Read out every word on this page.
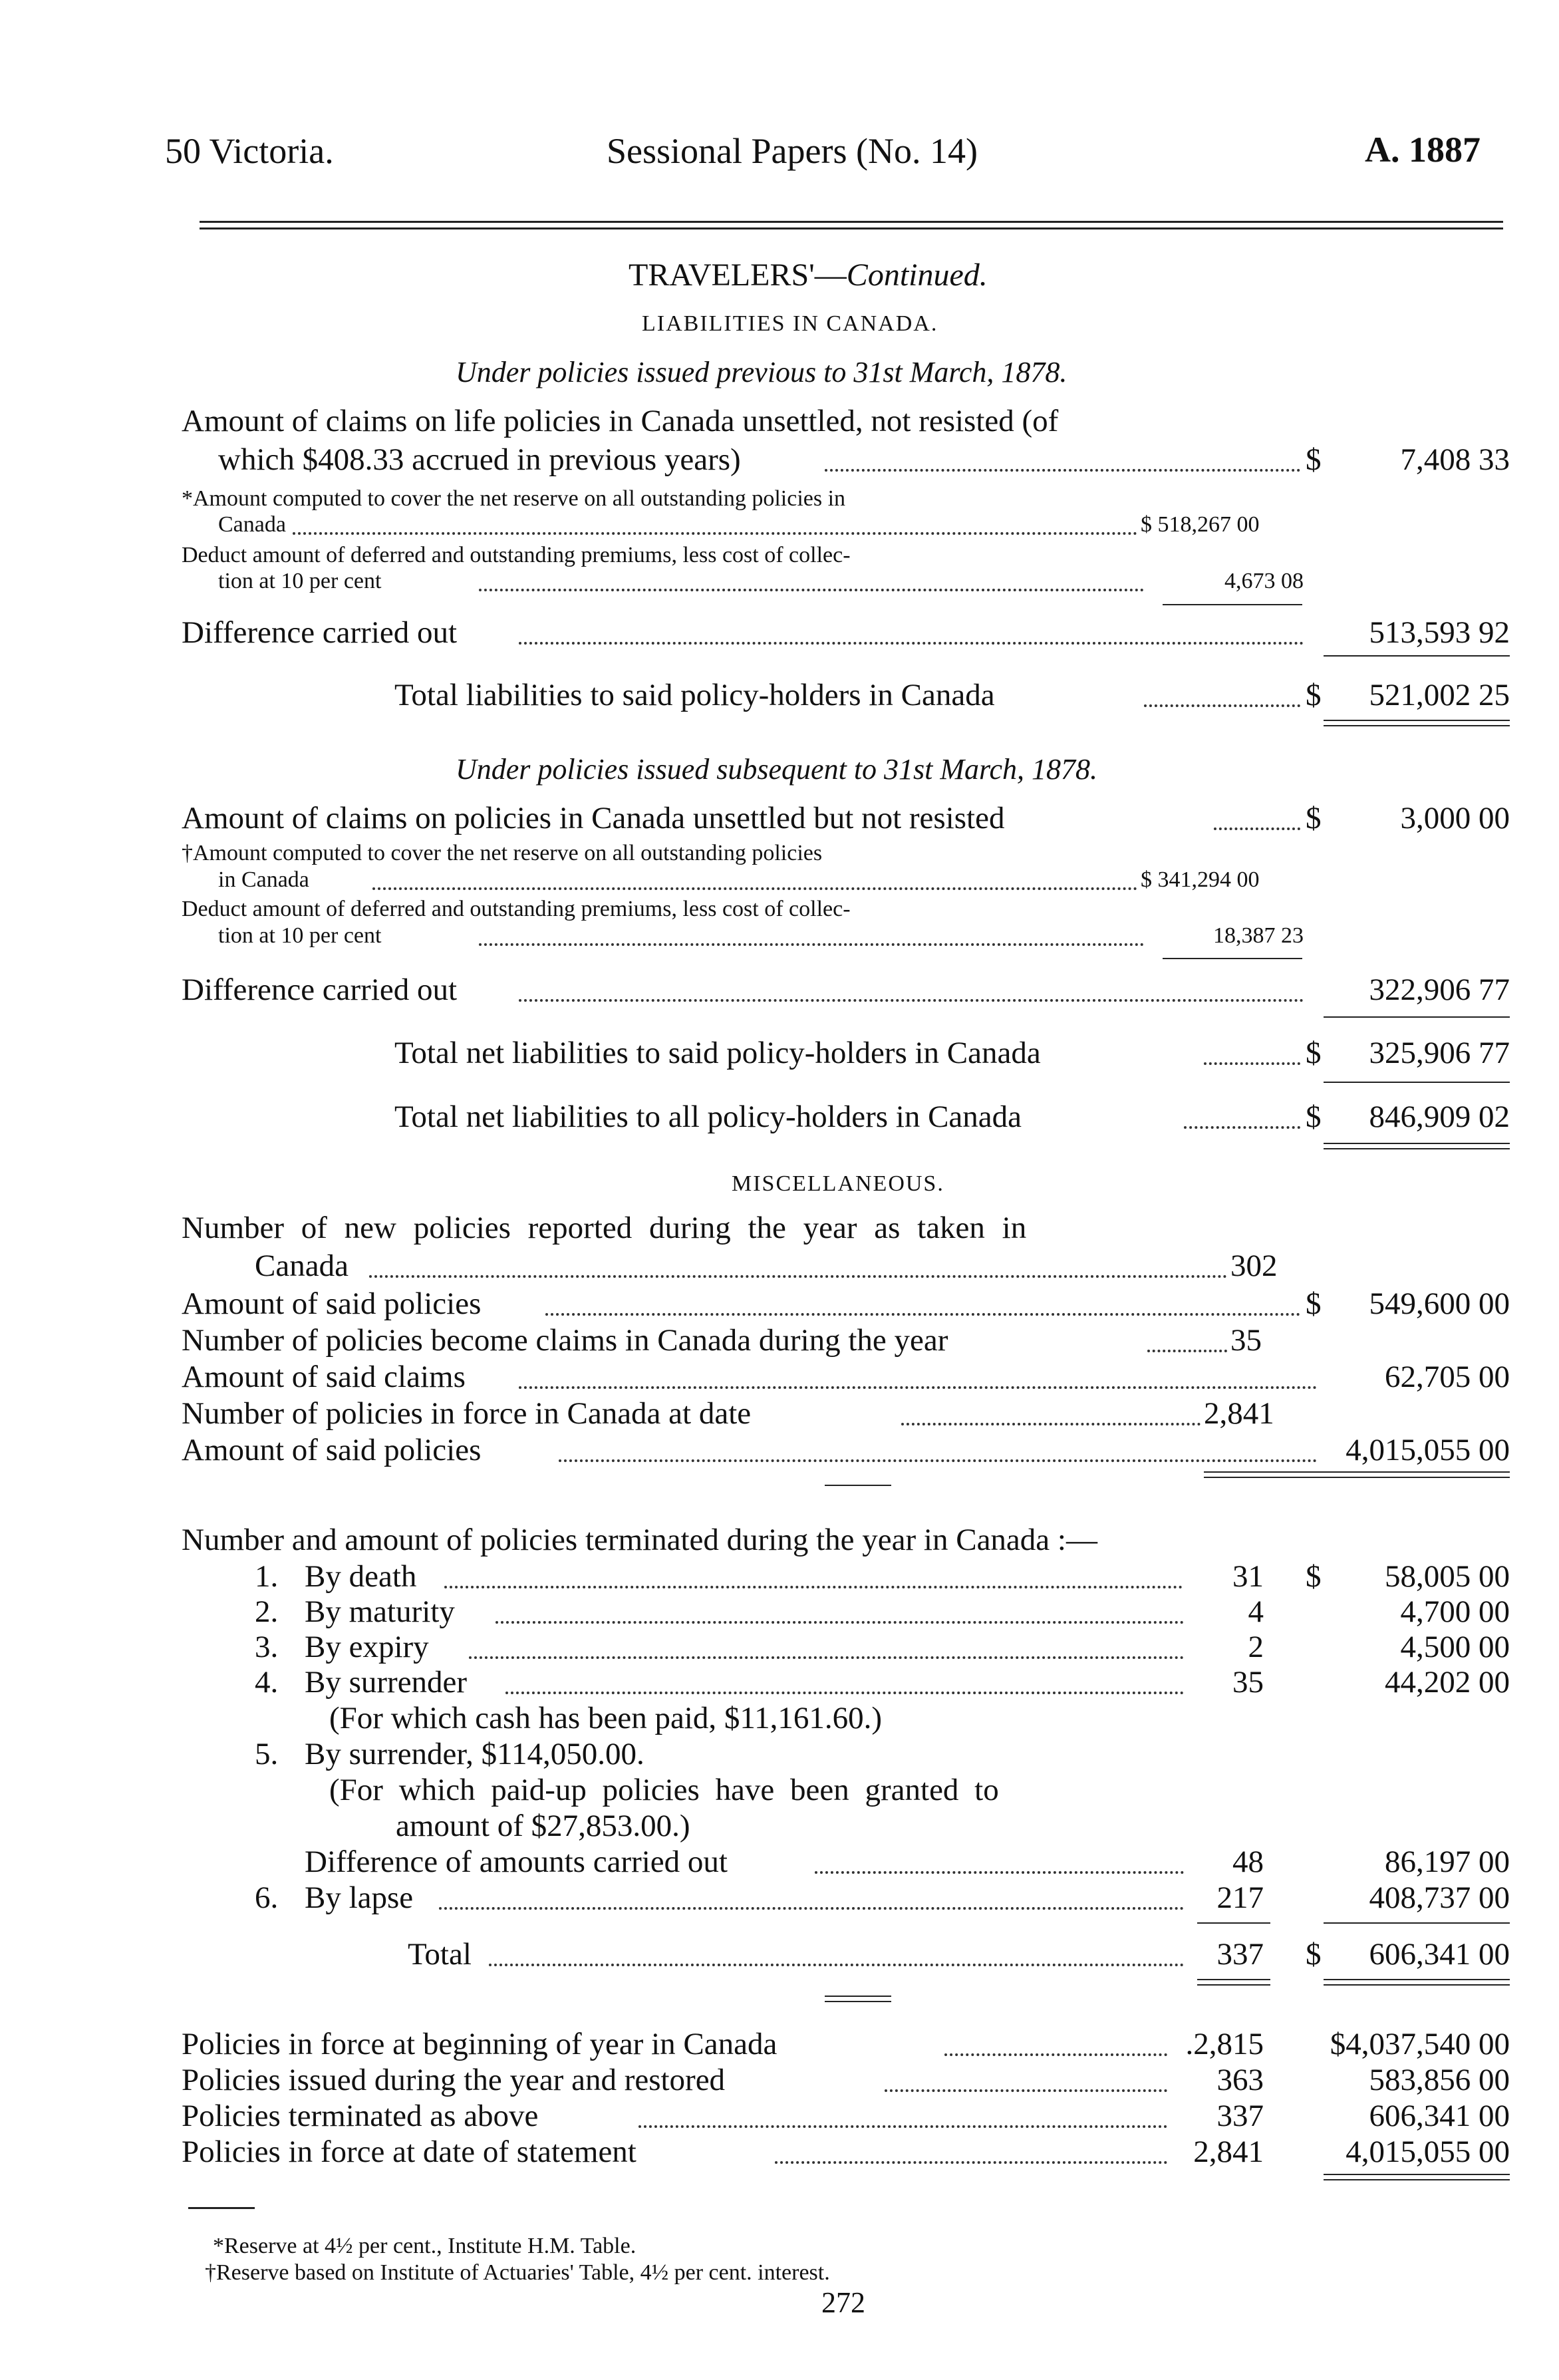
50 Victoria.	Sessional Papers (No. 14)	A. 1887
TRAVELERS'—Continued.
LIABILITIES IN CANADA.
Under policies issued previous to 31st March, 1878.
Amount of claims on life policies in Canada unsettled, not resisted (of
which $408.33 accrued in previous years)	$	7,408 33
*Amount computed to cover the net reserve on all outstanding policies in
Canada	$ 518,267 00
Deduct amount of deferred and outstanding premiums, less cost of collec-
tion at 10 per cent	4,673 08
Difference carried out	513,593 92
Total liabilities to said policy-holders in Canada	$	521,002 25
Under policies issued subsequent to 31st March, 1878.
Amount of claims on policies in Canada unsettled but not resisted	$	3,000 00
†Amount computed to cover the net reserve on all outstanding policies
in Canada	$ 341,294 00
Deduct amount of deferred and outstanding premiums, less cost of collec-
tion at 10 per cent	18,387 23
Difference carried out	322,906 77
Total net liabilities to said policy-holders in Canada	$	325,906 77
Total net liabilities to all policy-holders in Canada	$	846,909 02
MISCELLANEOUS.
Number of new policies reported during the year as taken in
Canada	302
Amount of said policies	$	549,600 00
Number of policies become claims in Canada during the year	35
Amount of said claims	62,705 00
Number of policies in force in Canada at date	2,841
Amount of said policies	4,015,055 00
Number and amount of policies terminated during the year in Canada :—
1. By death	31 $	58,005 00
2. By maturity	4	4,700 00
3. By expiry	2	4,500 00
4. By surrender	35	44,202 00
(For which cash has been paid, $11,161.60.)
5. By surrender, $114,050.00.
(For which paid-up policies have been granted to
amount of $27,853.00.)
Difference of amounts carried out	48	86,197 00
6. By lapse	217	408,737 00
Total	337 $	606,341 00
Policies in force at beginning of year in Canada	.2,815	$4,037,540 00
Policies issued during the year and restored	363	583,856 00
Policies terminated as above	337	606,341 00
Policies in force at date of statement	2,841	4,015,055 00
*Reserve at 4½ per cent., Institute H.M. Table.
†Reserve based on Institute of Actuaries' Table, 4½ per cent. interest.
272
